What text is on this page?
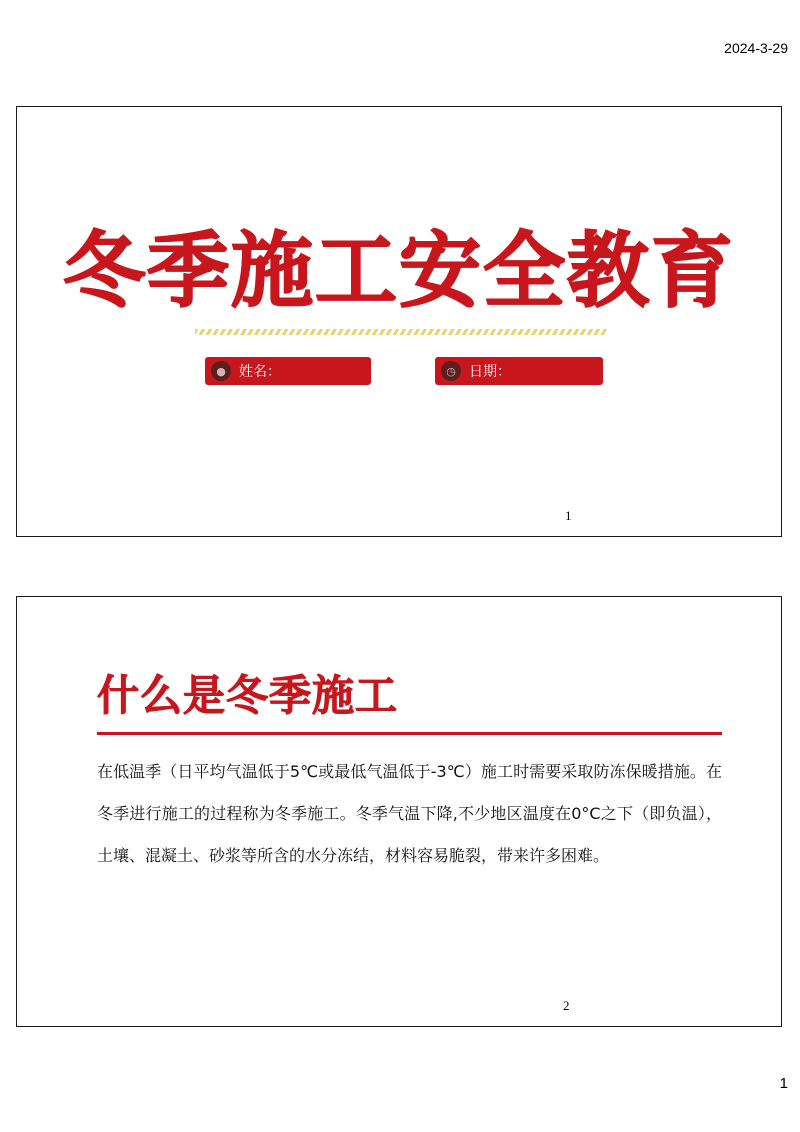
2024-3-29
冬季施工安全教育
● 姓名：	◷ 日期：
1
什么是冬季施工
在低温季（日平均气温低于5℃或最低气温低于-3℃）施工时需要采取防冻保暖措施。在冬季进行施工的过程称为冬季施工。冬季气温下降,不少地区温度在0°C之下（即负温），土壤、混凝土、砂浆等所含的水分冻结，材料容易脆裂，带来许多困难。
2
1
